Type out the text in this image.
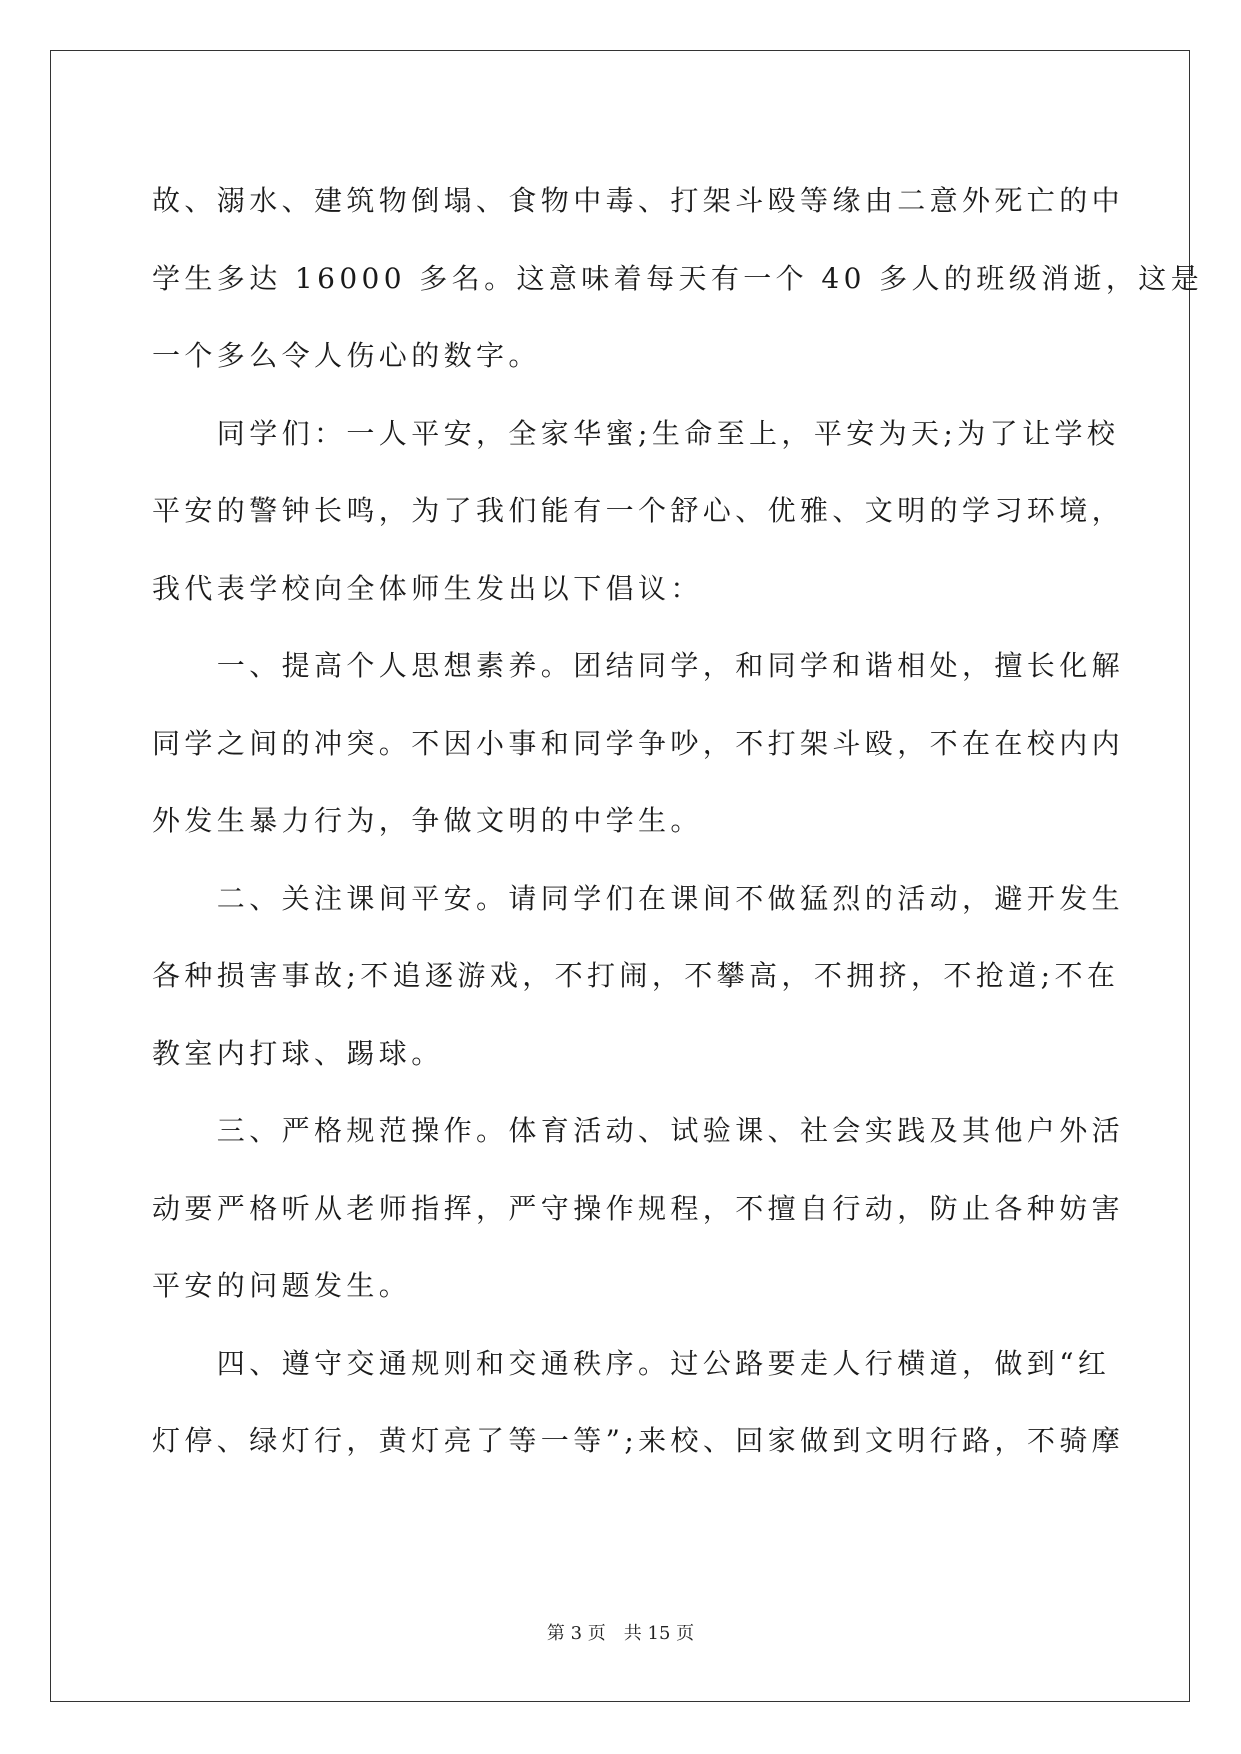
故、溺水、建筑物倒塌、食物中毒、打架斗殴等缘由二意外死亡的中
学生多达 16000 多名。这意味着每天有一个 40 多人的班级消逝，这是
一个多么令人伤心的数字。

　　同学们：一人平安，全家华蜜;生命至上，平安为天;为了让学校
平安的警钟长鸣，为了我们能有一个舒心、优雅、文明的学习环境，
我代表学校向全体师生发出以下倡议：

　　一、提高个人思想素养。团结同学，和同学和谐相处，擅长化解
同学之间的冲突。不因小事和同学争吵，不打架斗殴，不在在校内内
外发生暴力行为，争做文明的中学生。

　　二、关注课间平安。请同学们在课间不做猛烈的活动，避开发生
各种损害事故;不追逐游戏，不打闹，不攀高，不拥挤，不抢道;不在
教室内打球、踢球。

　　三、严格规范操作。体育活动、试验课、社会实践及其他户外活
动要严格听从老师指挥，严守操作规程，不擅自行动，防止各种妨害
平安的问题发生。

　　四、遵守交通规则和交通秩序。过公路要走人行横道，做到“红
灯停、绿灯行，黄灯亮了等一等”;来校、回家做到文明行路，不骑摩

第 3 页　共 15 页
